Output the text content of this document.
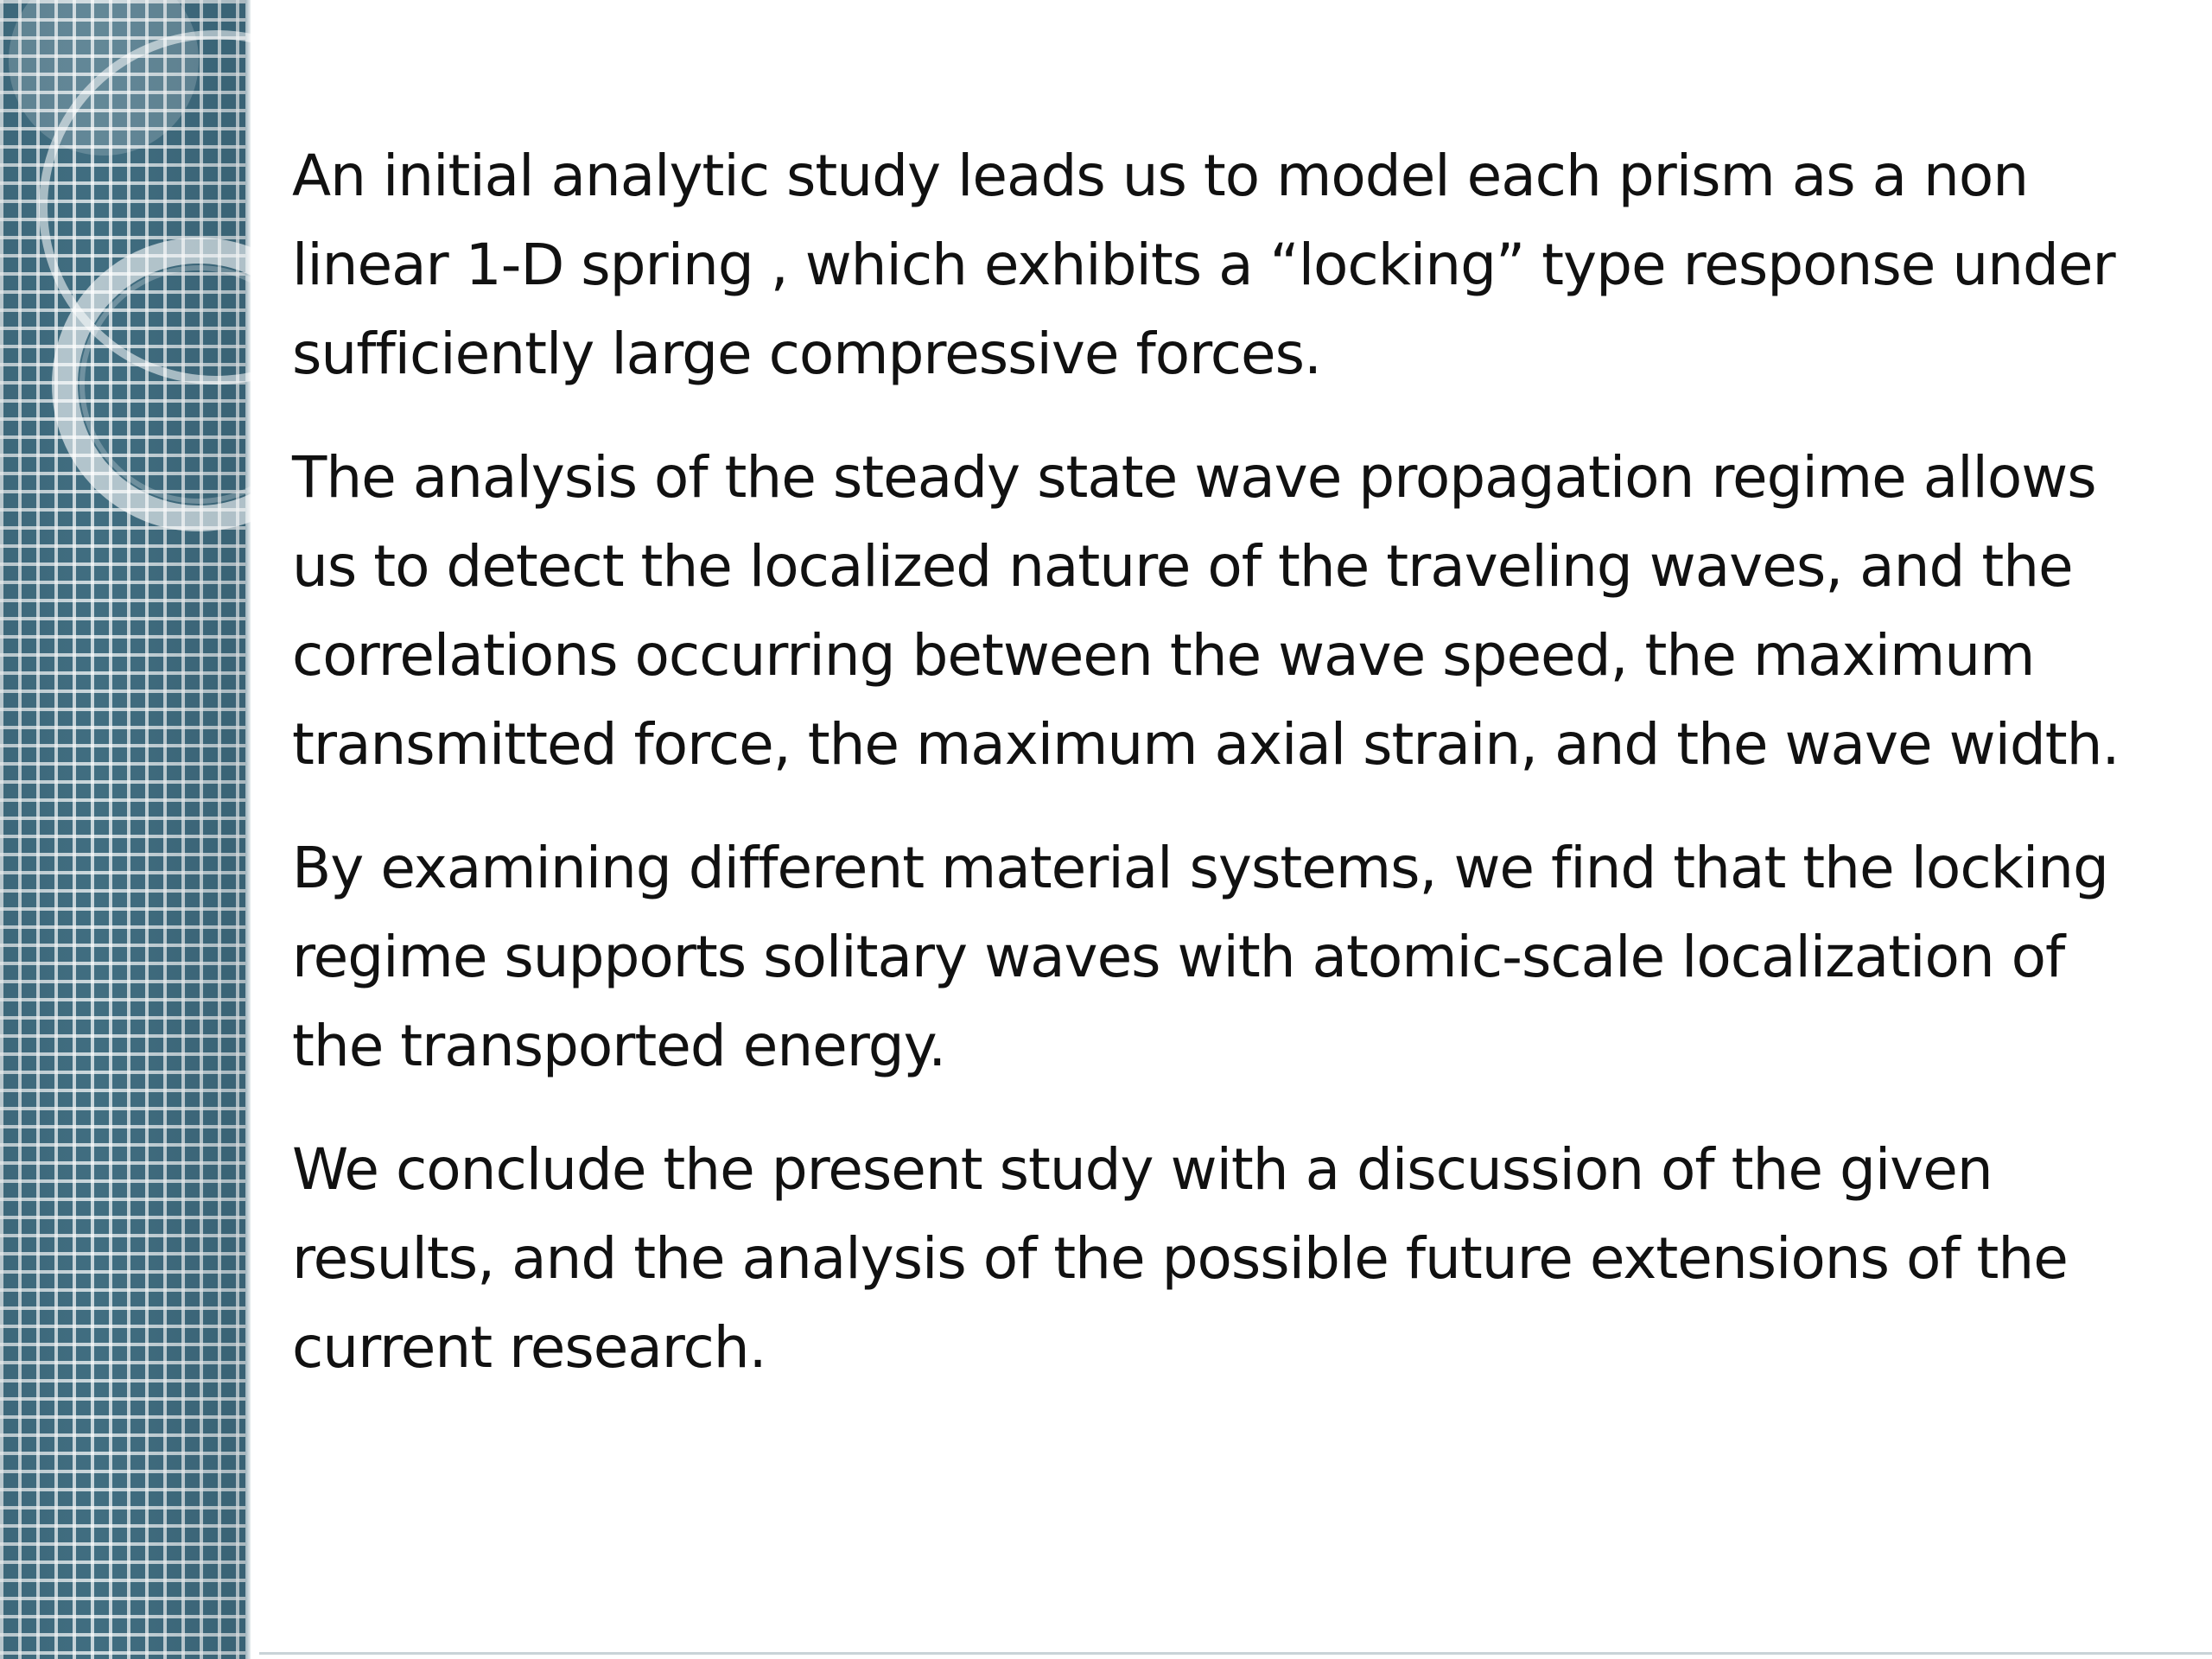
An initial analytic study leads us to model each prism as a non linear 1-D spring , which exhibits a “locking” type response under sufficiently large compressive forces.

The analysis of the steady state wave propagation regime allows us to detect the localized nature of the traveling waves, and the correlations occurring between the wave speed, the maximum transmitted force, the maximum axial strain, and the wave width.

By examining different material systems, we find that the locking regime supports solitary waves with atomic-scale localization of the transported energy.

We conclude the present study with a discussion of the given results, and the analysis of the possible future extensions of the current research.
